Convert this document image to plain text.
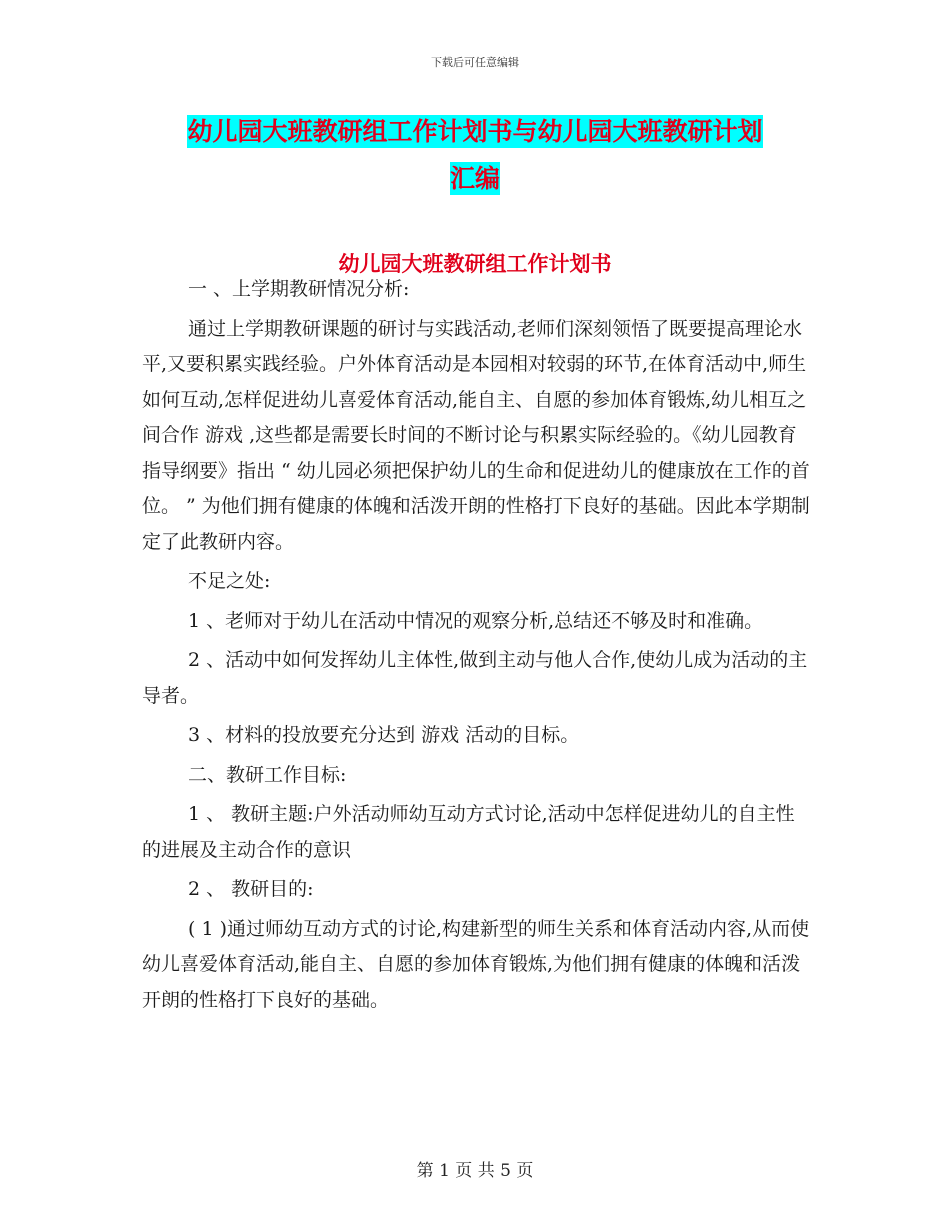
下载后可任意编辑
幼儿园大班教研组工作计划书与幼儿园大班教研计划
汇编
幼儿园大班教研组工作计划书

一 、上学期教研情况分析:

通过上学期教研课题的研讨与实践活动,老师们深刻领悟了既要提高理论水平,又要积累实践经验。户外体育活动是本园相对较弱的环节,在体育活动中,师生如何互动,怎样促进幼儿喜爱体育活动,能自主、自愿的参加体育锻炼,幼儿相互之间合作 游戏 ,这些都是需要长时间的不断讨论与积累实际经验的。《幼儿园教育指导纲要》指出 “ 幼儿园必须把保护幼儿的生命和促进幼儿的健康放在工作的首位。 ” 为他们拥有健康的体魄和活泼开朗的性格打下良好的基础。因此本学期制定了此教研内容。

不足之处:

1 、老师对于幼儿在活动中情况的观察分析,总结还不够及时和准确。

2 、活动中如何发挥幼儿主体性,做到主动与他人合作,使幼儿成为活动的主导者。

3 、材料的投放要充分达到 游戏 活动的目标。

二、教研工作目标:

1 、 教研主题:户外活动师幼互动方式讨论,活动中怎样促进幼儿的自主性的进展及主动合作的意识

2 、 教研目的:

( 1 )通过师幼互动方式的讨论,构建新型的师生关系和体育活动内容,从而使幼儿喜爱体育活动,能自主、自愿的参加体育锻炼,为他们拥有健康的体魄和活泼开朗的性格打下良好的基础。

第 1 页 共 5 页
